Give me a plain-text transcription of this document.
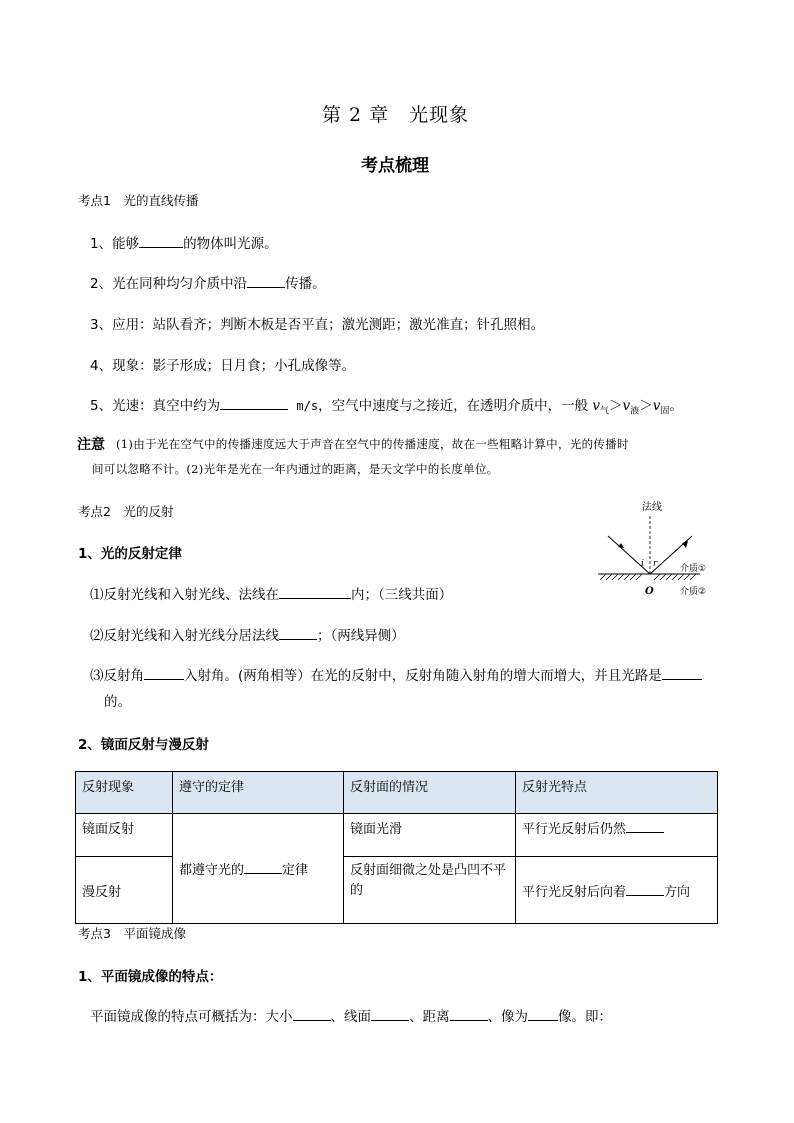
第 2 章　光现象
考点梳理
考点1　光的直线传播
1、能够	的物体叫光源。
2、光在同种均匀介质中沿	传播。
3、应用：站队看齐；判断木板是否平直；激光测距；激光准直；针孔照相。
4、现象：影子形成；日月食；小孔成像等。
5、光速：真空中约为	m/s，空气中速度与之接近，在透明介质中，一般 $v_气>v_液>v_固$。
注意 (1)由于光在空气中的传播速度远大于声音在空气中的传播速度，故在一些粗略计算中，光的传播时
间可以忽略不计。(2)光年是光在一年内通过的距离，是天文学中的长度单位。
考点2　光的反射
1、光的反射定律
⑴反射光线和入射光线、法线在	内；（三线共面）
⑵反射光线和入射光线分居法线	；（两线异侧）
⑶反射角	入射角。(两角相等）在光的反射中，反射角随入射角的增大而增大，并且光路是
的。
法线
i r
O
介质①
介质②
2、镜面反射与漫反射
反射现象	遵守的定律	反射面的情况	反射光特点
镜面反射	都遵守光的 定律	镜面光滑	平行光反射后仍然
漫反射		反射面细微之处是凸凹不平的	平行光反射后向着 方向
考点3　平面镜成像
1、平面镜成像的特点：
平面镜成像的特点可概括为：大小	、线面	、距离	、像为 像。即：
